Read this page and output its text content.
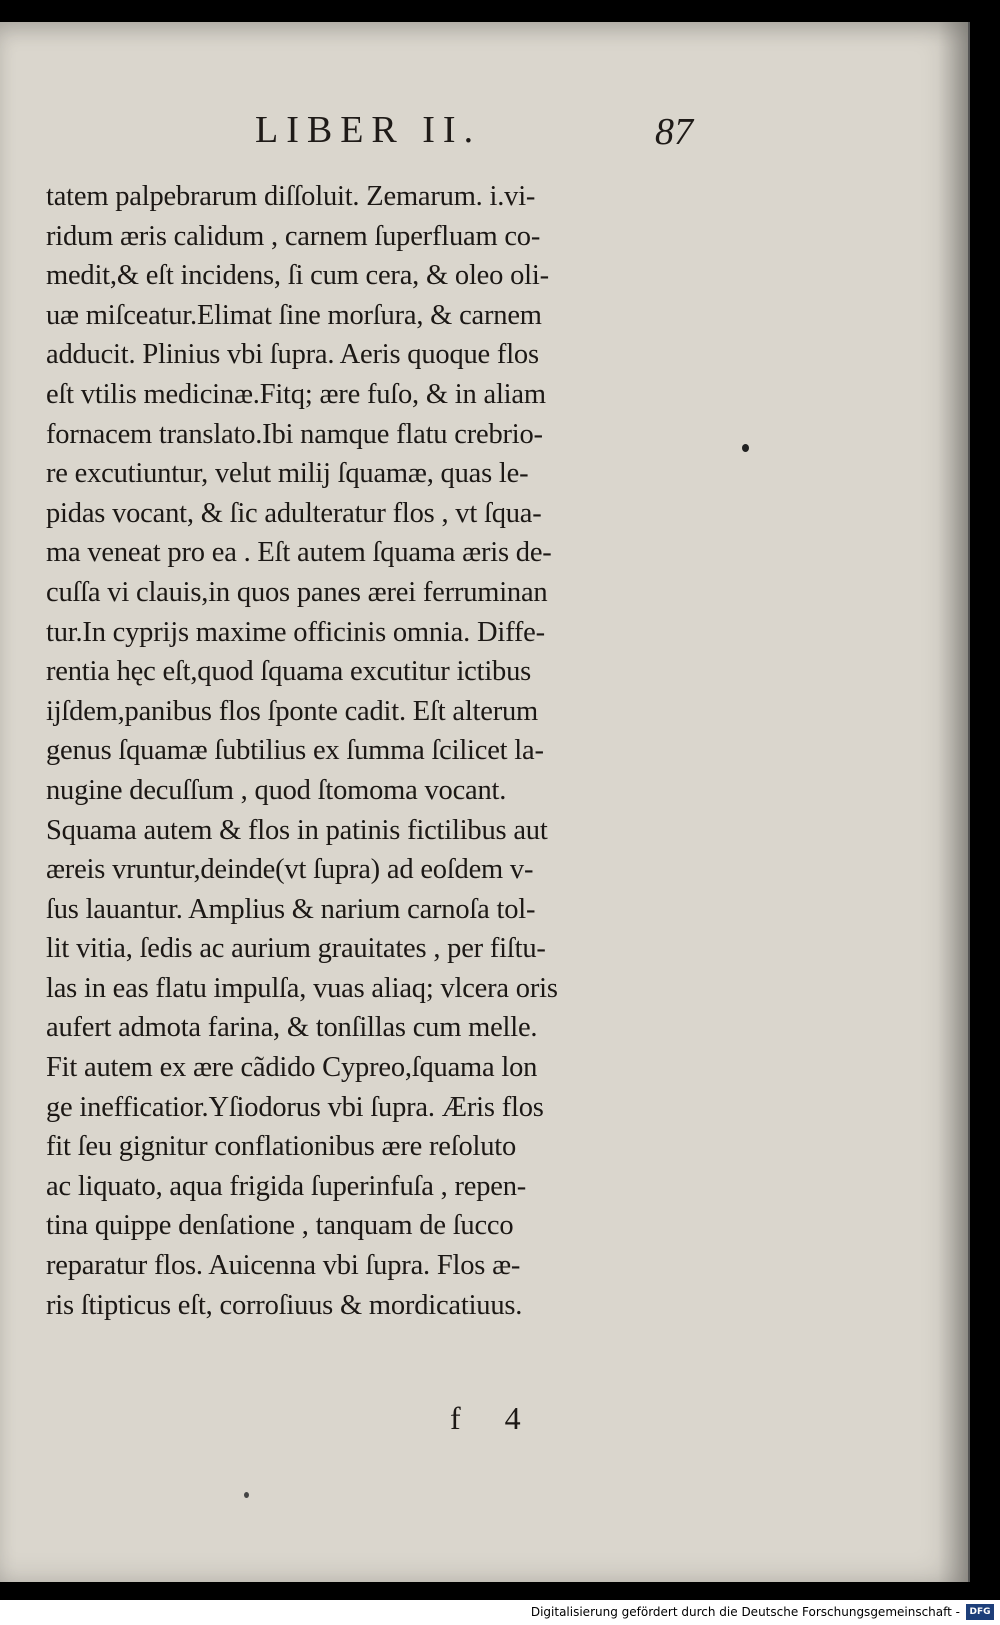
LIBER II.	87
tatem palpebrarum diſſoluit. Zemarum. i.vi-
ridum æris calidum , carnem ſuperfluam co-
medit,& eſt incidens, ſi cum cera, & oleo oli-
uæ miſceatur.Elimat ſine morſura, & carnem
adducit. Plinius vbi ſupra. Aeris quoque flos
eſt vtilis medicinæ.Fitq; ære fuſo, & in aliam
fornacem translato.Ibi namque flatu crebrio-
re excutiuntur, velut milij ſquamæ, quas le-
pidas vocant, & ſic adulteratur flos , vt ſqua-
ma veneat pro ea . Eſt autem ſquama æris de-
cuſſa vi clauis,in quos panes ærei ferruminan
tur.In cyprijs maxime officinis omnia. Diffe-
rentia hęc eſt,quod ſquama excutitur ictibus
ijſdem,panibus flos ſponte cadit. Eſt alterum
genus ſquamæ ſubtilius ex ſumma ſcilicet la-
nugine decuſſum , quod ſtomoma vocant.
Squama autem & flos in patinis fictilibus aut
æreis vruntur,deinde(vt ſupra) ad eoſdem v-
ſus lauantur. Amplius & narium carnoſa tol-
lit vitia, ſedis ac aurium grauitates , per fiſtu-
las in eas flatu impulſa, vuas aliaq; vlcera oris
aufert admota farina, & tonſillas cum melle.
Fit autem ex ære cãdido Cypreo,ſquama lon
ge inefficatior.Yſiodorus vbi ſupra. Æris flos
fit ſeu gignitur conflationibus ære reſoluto
ac liquato, aqua frigida ſuperinfuſa , repen-
tina quippe denſatione , tanquam de ſucco
reparatur flos. Auicenna vbi ſupra. Flos æ-
ris ſtipticus eſt, corroſiuus & mordicatiuus.
f 4
Digitalisierung gefördert durch die Deutsche Forschungsgemeinschaft -	DFG
